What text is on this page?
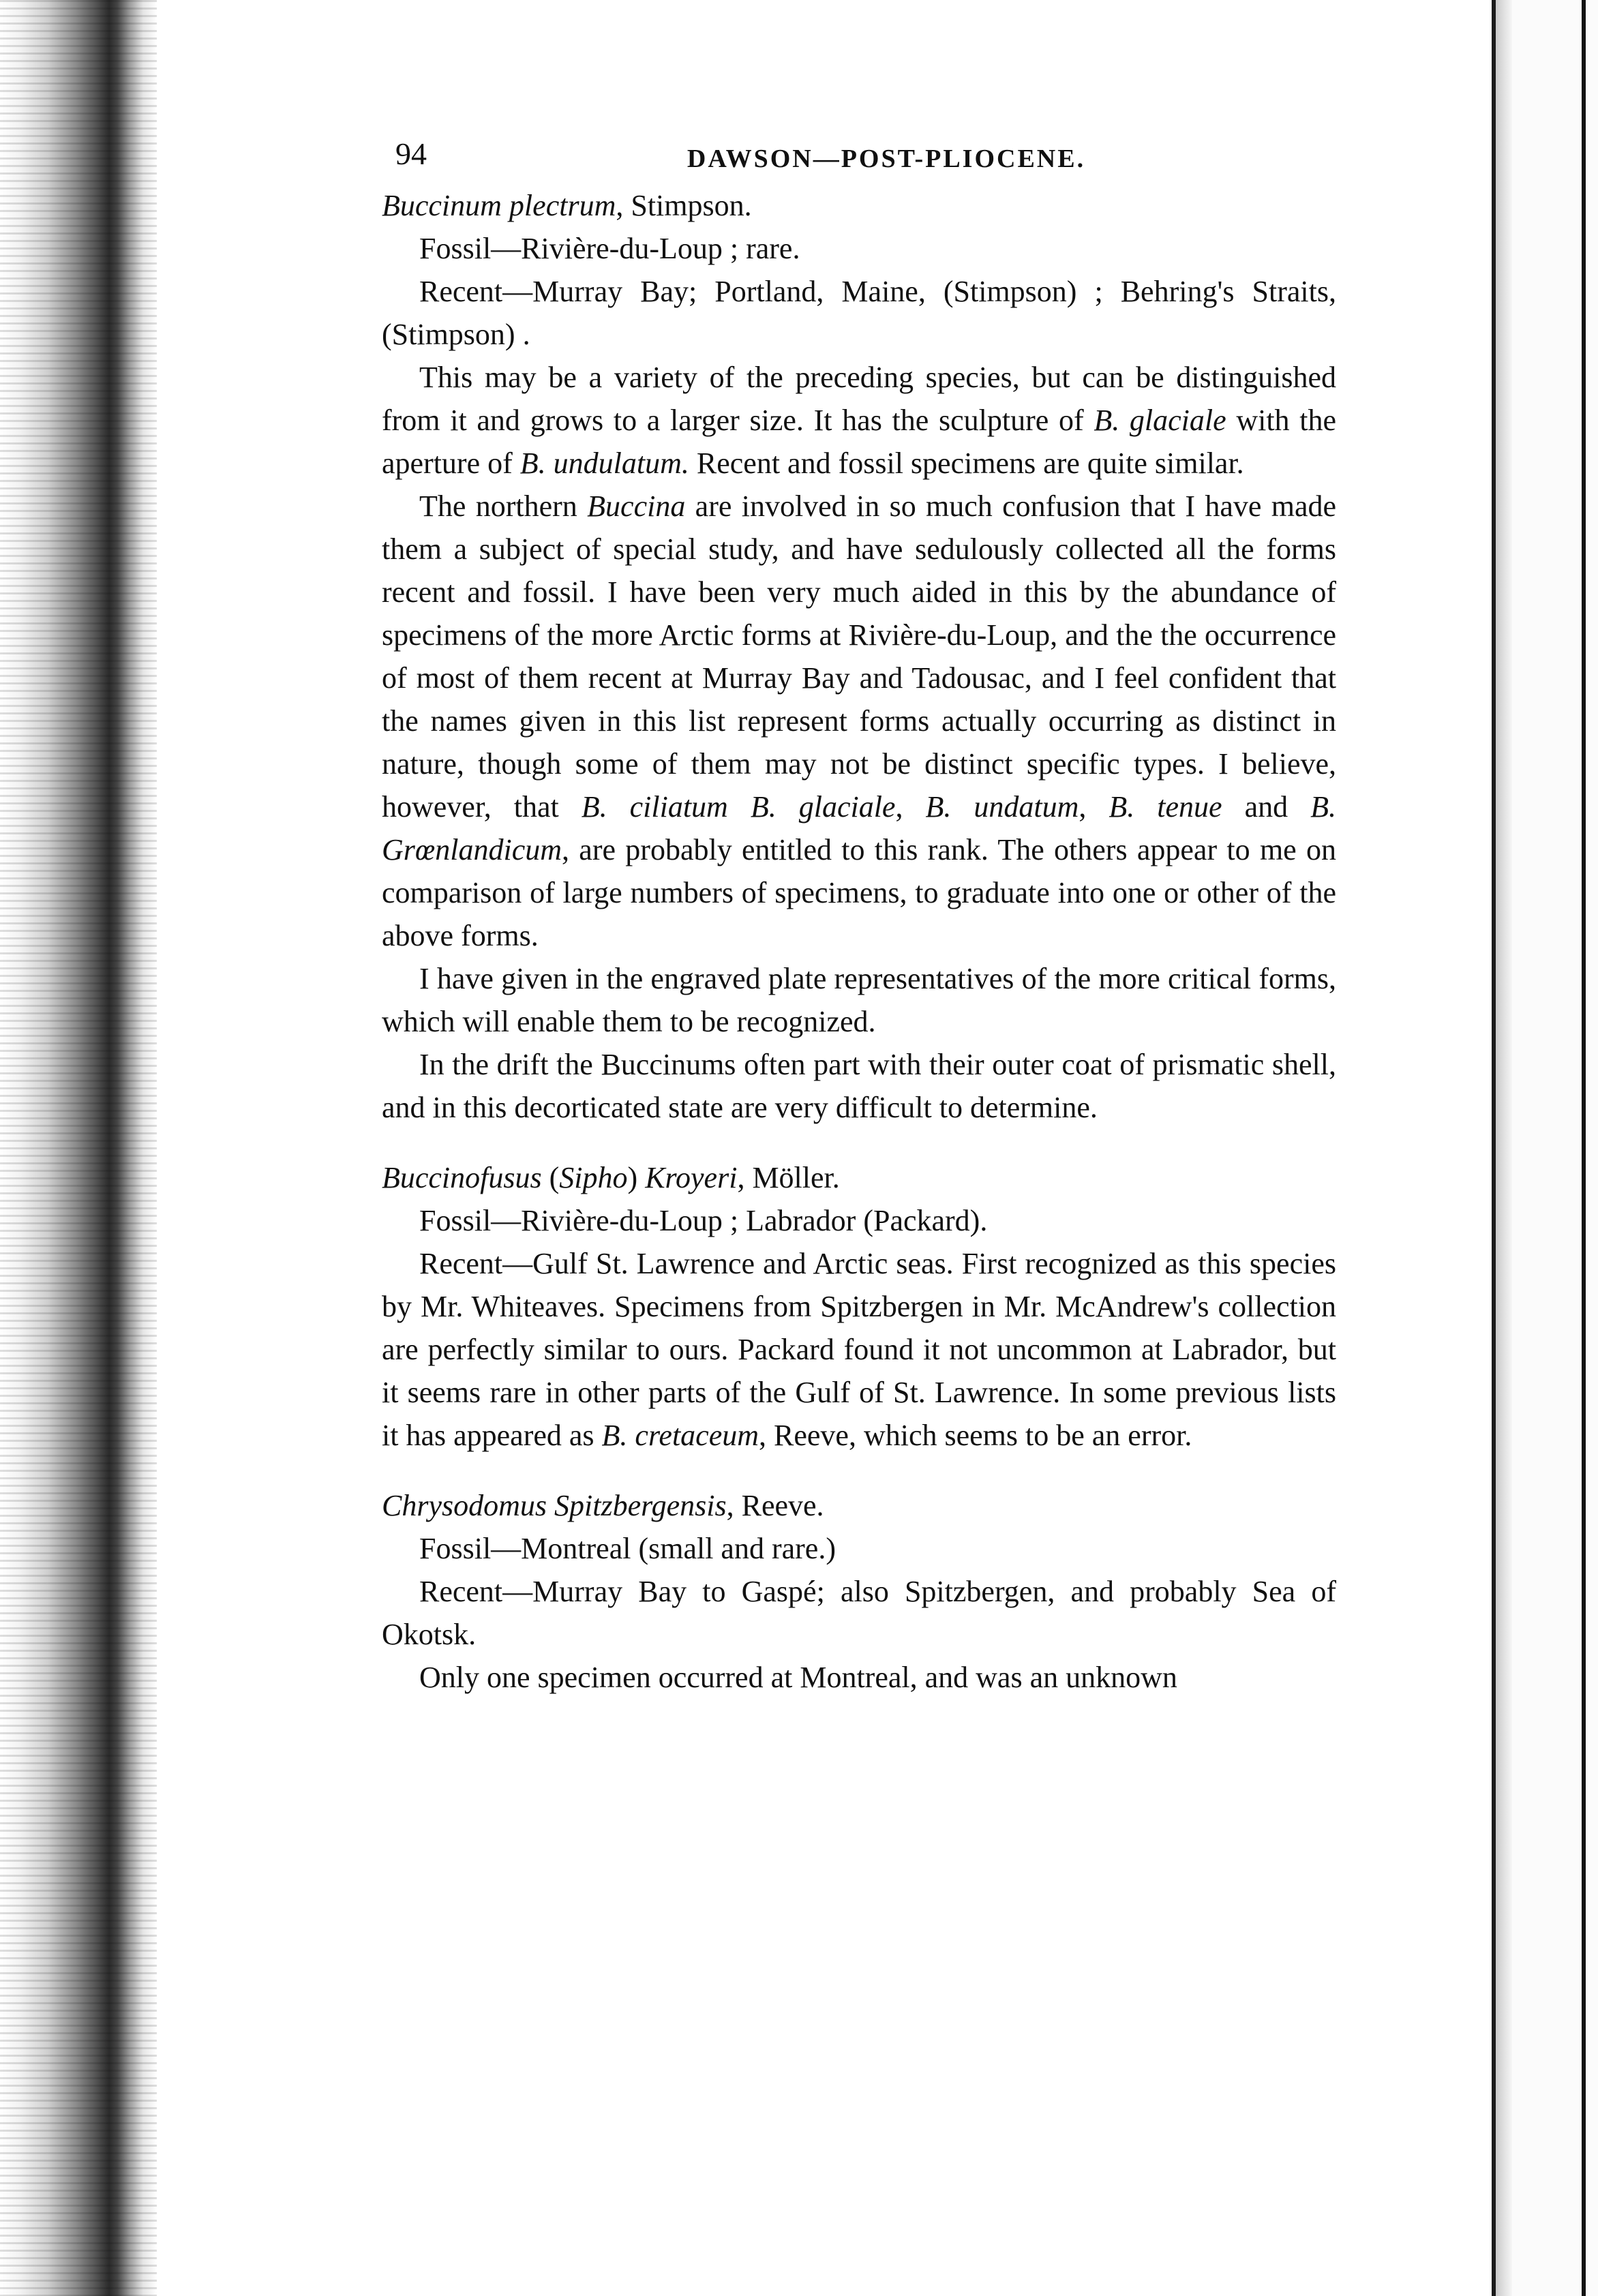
94	DAWSON—POST-PLIOCENE.

Buccinum plectrum, Stimpson.

Fossil—Rivière-du-Loup ; rare.

Recent—Murray Bay; Portland, Maine, (Stimpson) ; Behring's Straits, (Stimpson) .

This may be a variety of the preceding species, but can be distinguished from it and grows to a larger size. It has the sculpture of B. glaciale with the aperture of B. undulatum. Recent and fossil specimens are quite similar.

The northern Buccina are involved in so much confusion that I have made them a subject of special study, and have sedulously collected all the forms recent and fossil. I have been very much aided in this by the abundance of specimens of the more Arctic forms at Rivière-du-Loup, and the the occurrence of most of them recent at Murray Bay and Tadousac, and I feel confident that the names given in this list represent forms actually occurring as distinct in nature, though some of them may not be distinct specific types. I believe, however, that B. ciliatum B. glaciale, B. undatum, B. tenue and B. Grœnlandicum, are probably entitled to this rank. The others appear to me on comparison of large numbers of specimens, to graduate into one or other of the above forms.

I have given in the engraved plate representatives of the more critical forms, which will enable them to be recognized.

In the drift the Buccinums often part with their outer coat of prismatic shell, and in this decorticated state are very difficult to determine.

Buccinofusus (Sipho) Kroyeri, Möller.

Fossil—Rivière-du-Loup ; Labrador (Packard).

Recent—Gulf St. Lawrence and Arctic seas. First recognized as this species by Mr. Whiteaves. Specimens from Spitzbergen in Mr. McAndrew's collection are perfectly similar to ours. Packard found it not uncommon at Labrador, but it seems rare in other parts of the Gulf of St. Lawrence. In some previous lists it has appeared as B. cretaceum, Reeve, which seems to be an error.

Chrysodomus Spitzbergensis, Reeve.

Fossil—Montreal (small and rare.)

Recent—Murray Bay to Gaspé; also Spitzbergen, and probably Sea of Okotsk.

Only one specimen occurred at Montreal, and was an unknown
